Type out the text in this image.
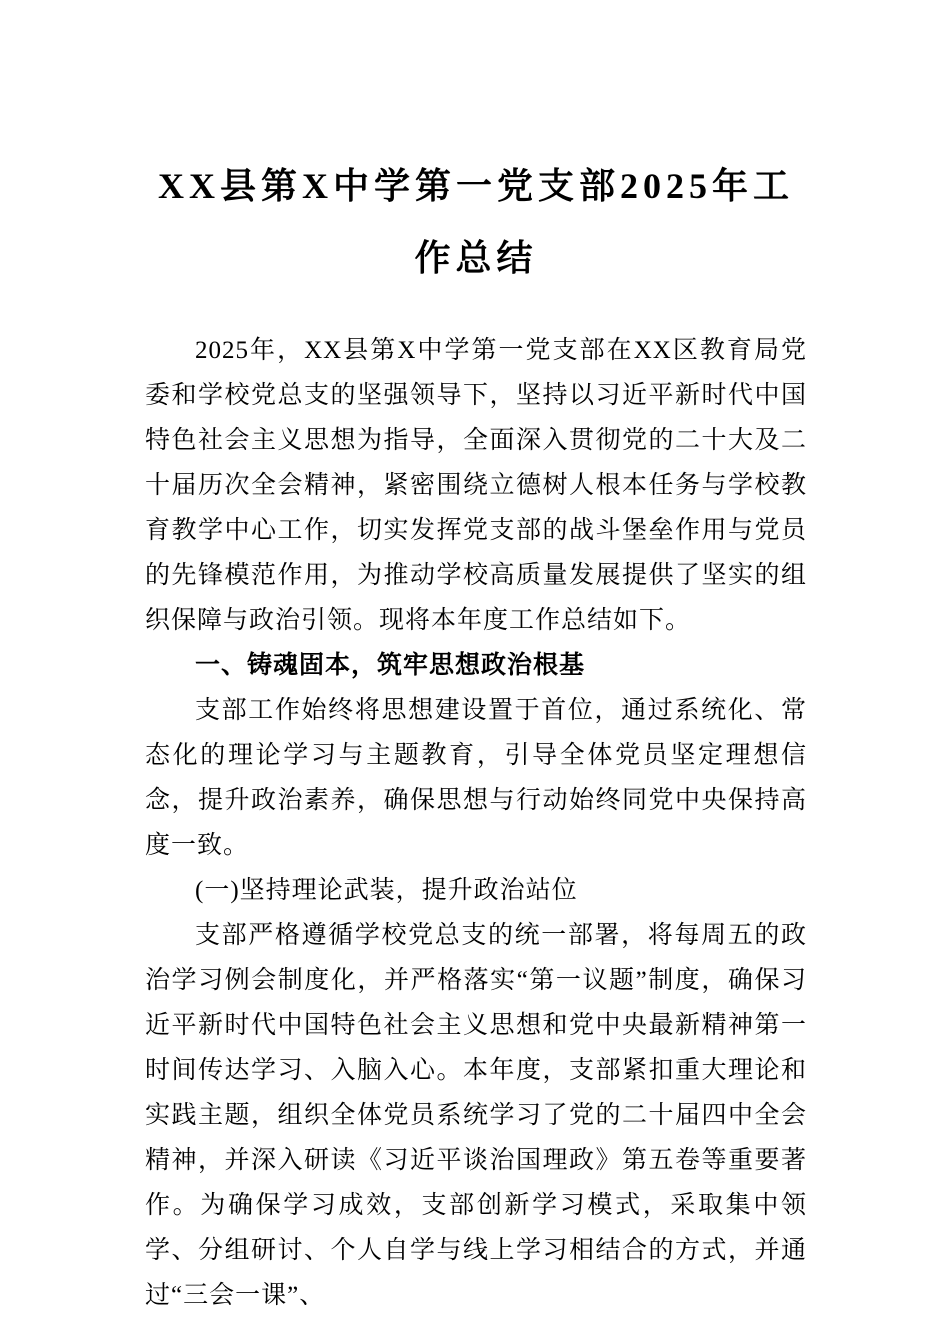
XX县第X中学第一党支部2025年工作总结

2025年，XX县第X中学第一党支部在XX区教育局党委和学校党总支的坚强领导下，坚持以习近平新时代中国特色社会主义思想为指导，全面深入贯彻党的二十大及二十届历次全会精神，紧密围绕立德树人根本任务与学校教育教学中心工作，切实发挥党支部的战斗堡垒作用与党员的先锋模范作用，为推动学校高质量发展提供了坚实的组织保障与政治引领。现将本年度工作总结如下。

一、铸魂固本，筑牢思想政治根基

支部工作始终将思想建设置于首位，通过系统化、常态化的理论学习与主题教育，引导全体党员坚定理想信念，提升政治素养，确保思想与行动始终同党中央保持高度一致。

(一)坚持理论武装，提升政治站位

支部严格遵循学校党总支的统一部署，将每周五的政治学习例会制度化，并严格落实“第一议题”制度，确保习近平新时代中国特色社会主义思想和党中央最新精神第一时间传达学习、入脑入心。本年度，支部紧扣重大理论和实践主题，组织全体党员系统学习了党的二十届四中全会精神，并深入研读《习近平谈治国理政》第五卷等重要著作。为确保学习成效，支部创新学习模式，采取集中领学、分组研讨、个人自学与线上学习相结合的方式，并通过“三会一课”、
